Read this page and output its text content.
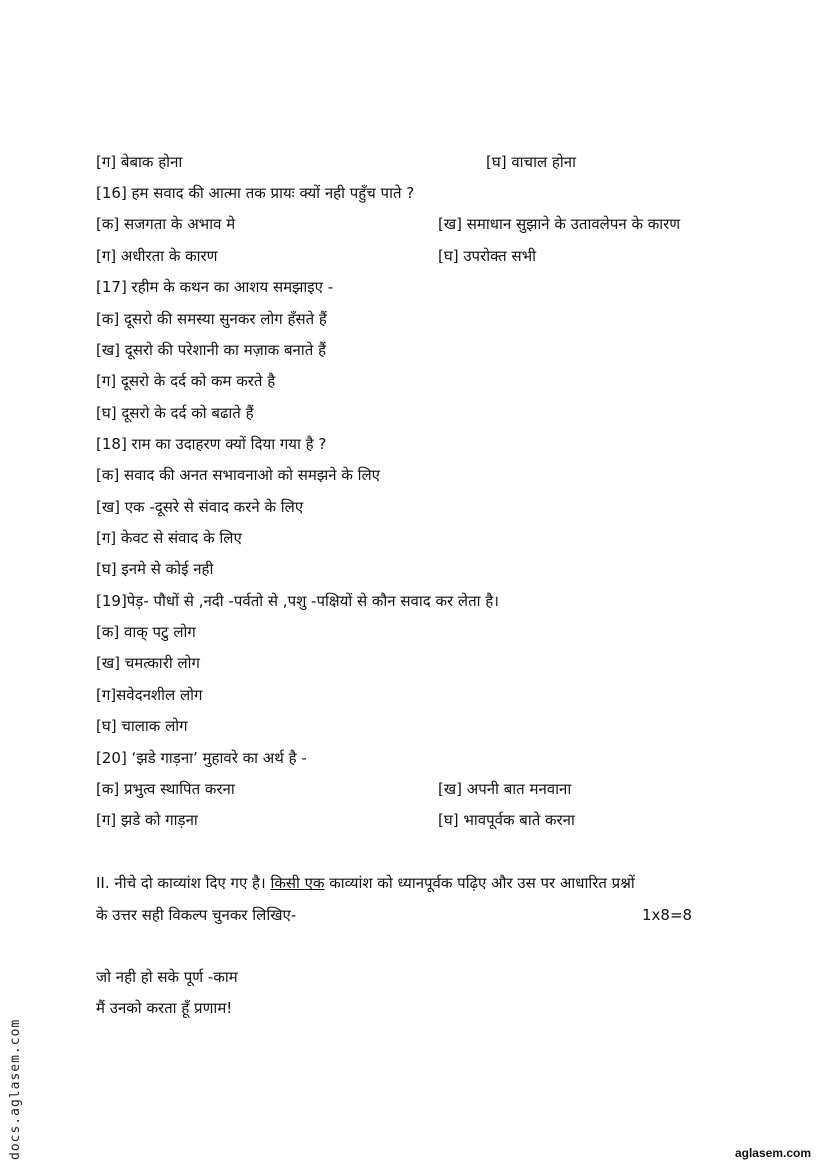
[ग] बेबाक होना	[घ] वाचाल होना
[16] हम सवाद की आत्मा तक प्रायः क्यों नही पहुँच पाते ?
[क] सजगता के अभाव मे	[ख] समाधान सुझाने के उतावलेपन के कारण
[ग] अधीरता के कारण	[घ] उपरोक्त सभी
[17] रहीम के कथन का आशय समझाइए -
[क] दूसरो की समस्या सुनकर लोग हँसते हैं
[ख] दूसरो की परेशानी का मज़ाक बनाते हैं
[ग] दूसरो के दर्द को कम करते है
[घ] दूसरो के दर्द को बढाते हैं
[18] राम का उदाहरण क्यों दिया गया है ?
[क] सवाद की अनत सभावनाओ को समझने के लिए
[ख] एक -दूसरे से संवाद करने के लिए
[ग] केवट से संवाद के लिए
[घ] इनमे से कोई नही
[19]पेड़- पौधों से ,नदी -पर्वतो से ,पशु -पक्षियों से कौन सवाद कर लेता है।
[क] वाक् पटु लोग
[ख] चमत्कारी लोग
[ग]सवेदनशील लोग
[घ] चालाक लोग
[20] ‘झडे गाड़ना’ मुहावरे का अर्थ है -
[क] प्रभुत्व स्थापित करना	[ख] अपनी बात मनवाना
[ग] झडे को गाड़ना	[घ] भावपूर्वक बाते करना
II. नीचे दो काव्यांश दिए गए है। किसी एक काव्यांश को ध्यानपूर्वक पढ़िए और उस पर आधारित प्रश्नों
के उत्तर सही विकल्प चुनकर लिखिए-	1x8=8
जो नही हो सके पूर्ण -काम
मैं उनको करता हूँ प्रणाम!
docs.aglasem.com	aglasem.com
